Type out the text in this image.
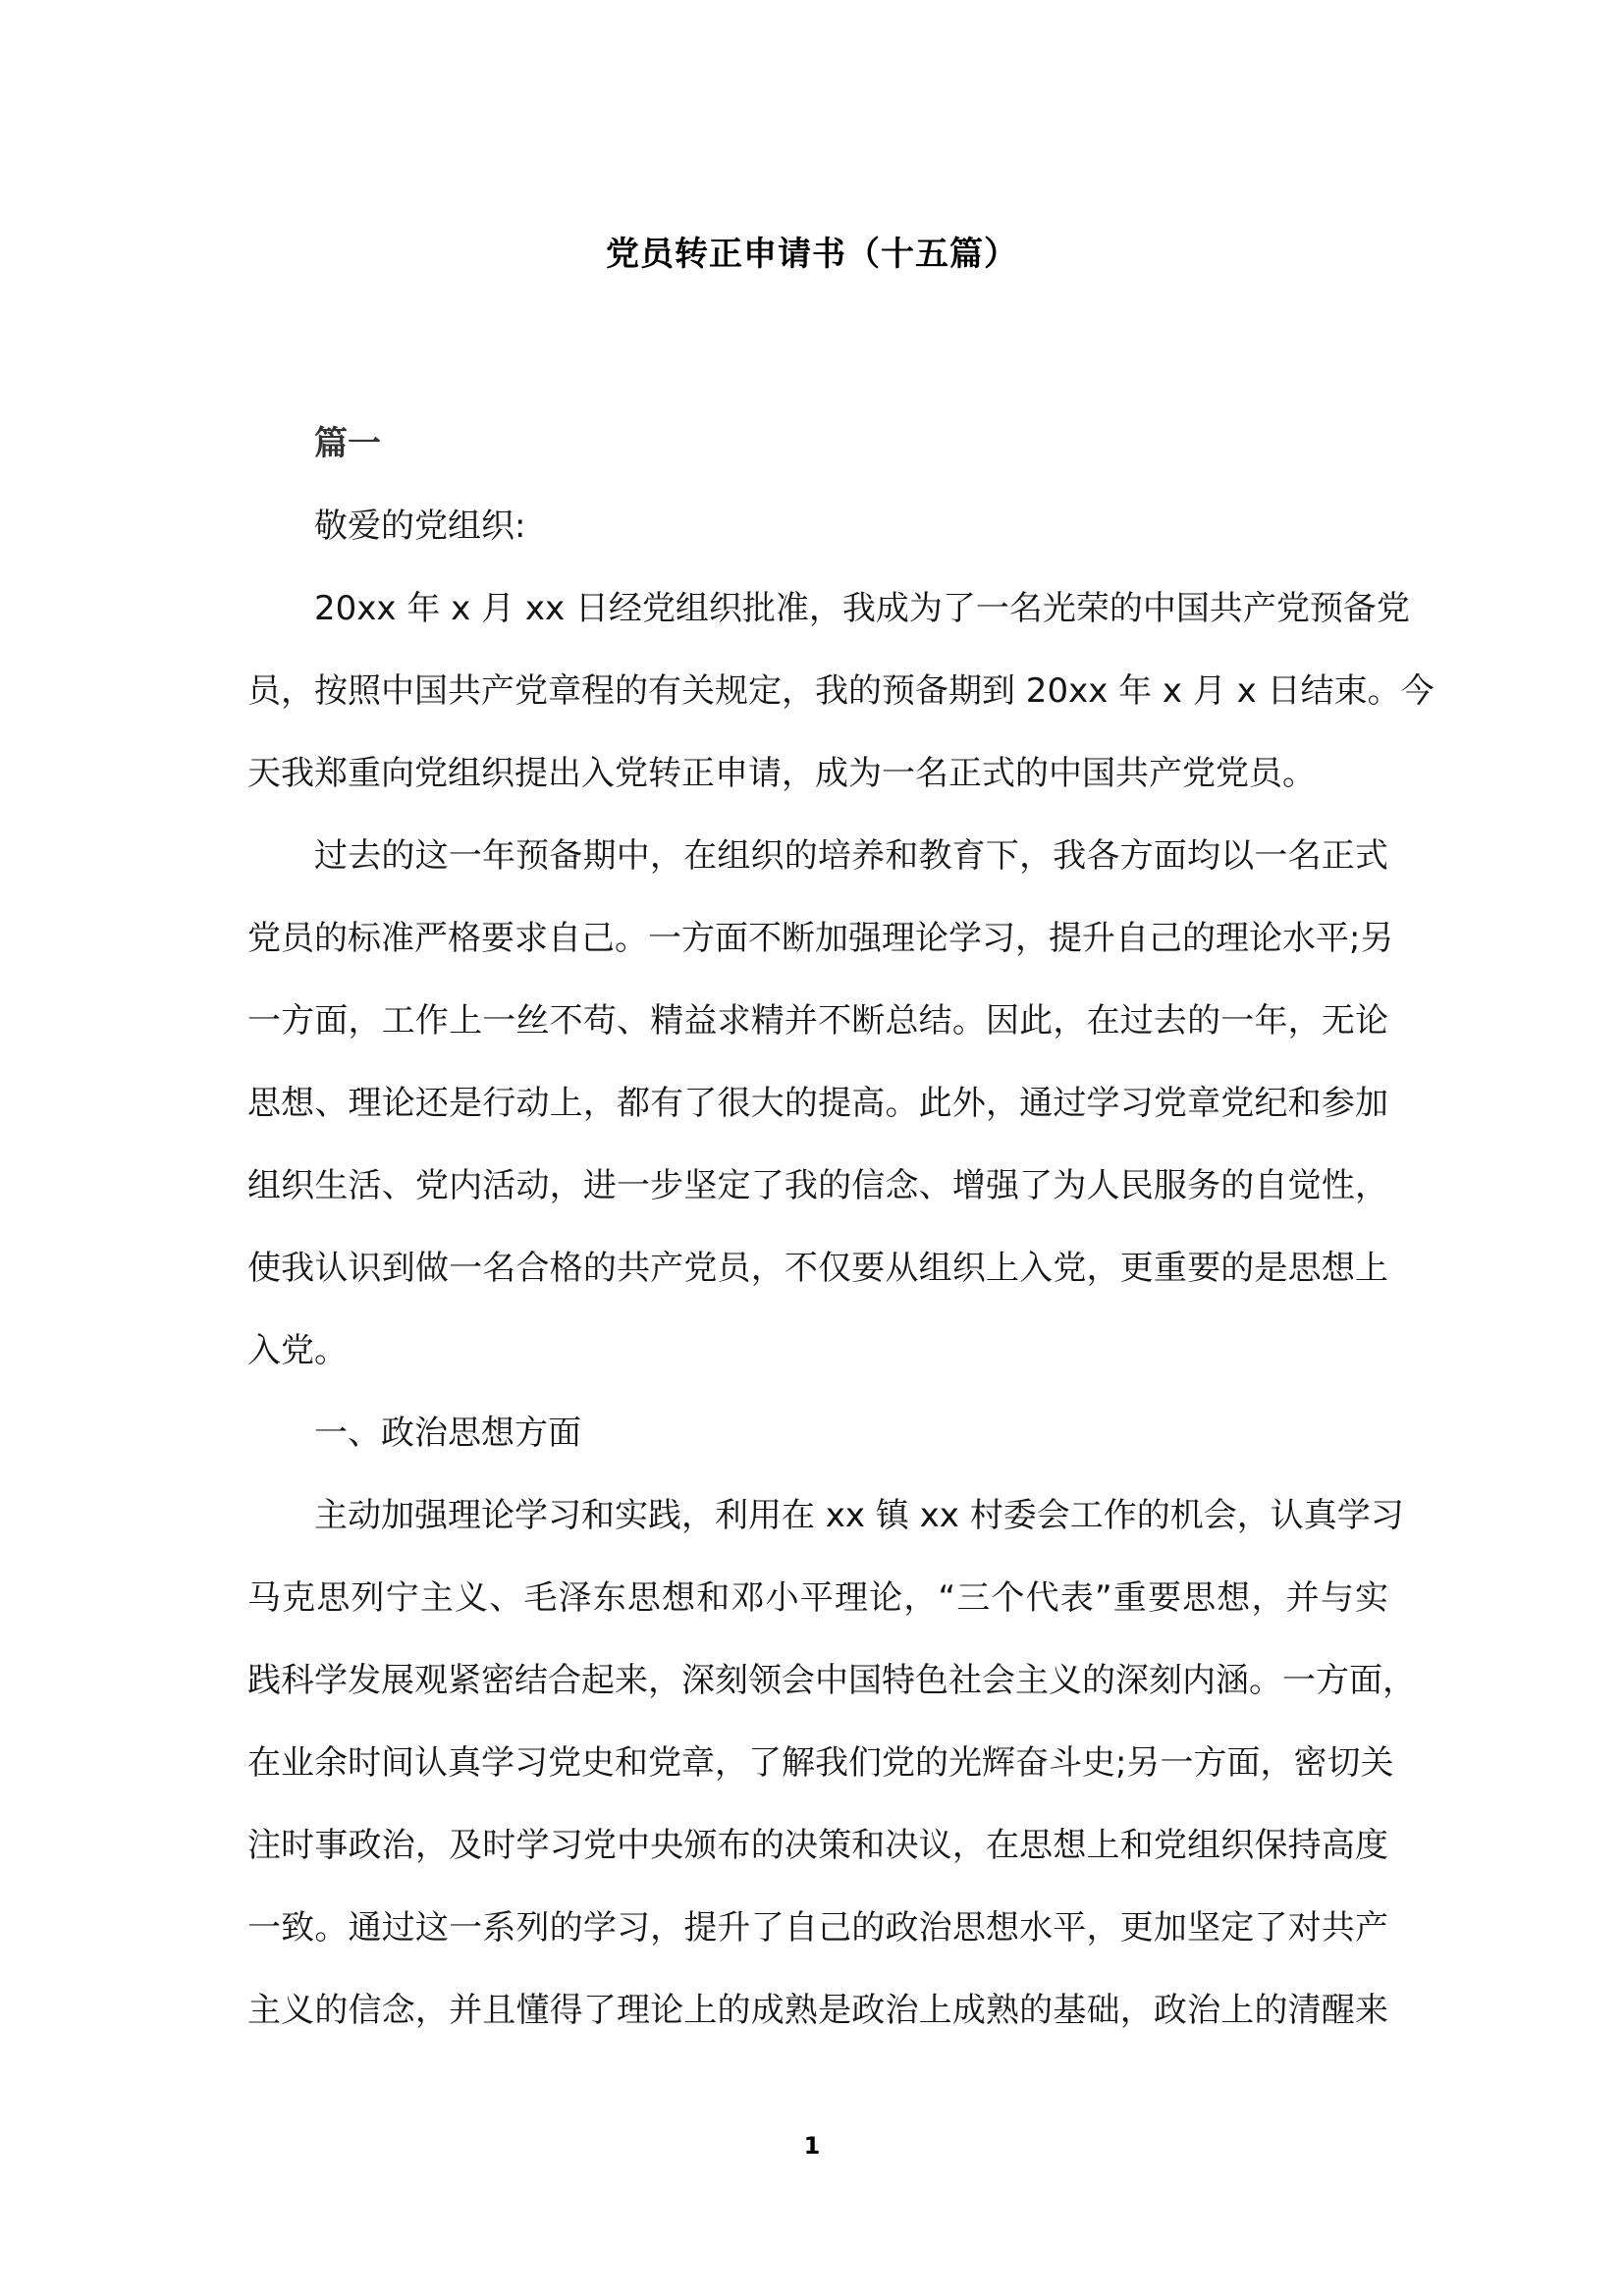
党员转正申请书（十五篇）
篇一
敬爱的党组织:
20xx 年 x 月 xx 日经党组织批准，我成为了一名光荣的中国共产党预备党
员，按照中国共产党章程的有关规定，我的预备期到 20xx 年 x 月 x 日结束。今
天我郑重向党组织提出入党转正申请，成为一名正式的中国共产党党员。
过去的这一年预备期中，在组织的培养和教育下，我各方面均以一名正式
党员的标准严格要求自己。一方面不断加强理论学习，提升自己的理论水平;另
一方面，工作上一丝不苟、精益求精并不断总结。因此，在过去的一年，无论
思想、理论还是行动上，都有了很大的提高。此外，通过学习党章党纪和参加
组织生活、党内活动，进一步坚定了我的信念、增强了为人民服务的自觉性，
使我认识到做一名合格的共产党员，不仅要从组织上入党，更重要的是思想上
入党。
一、政治思想方面
主动加强理论学习和实践，利用在 xx 镇 xx 村委会工作的机会，认真学习
马克思列宁主义、毛泽东思想和邓小平理论，“三个代表”重要思想，并与实
践科学发展观紧密结合起来，深刻领会中国特色社会主义的深刻内涵。一方面，
在业余时间认真学习党史和党章，了解我们党的光辉奋斗史;另一方面，密切关
注时事政治，及时学习党中央颁布的决策和决议，在思想上和党组织保持高度
一致。通过这一系列的学习，提升了自己的政治思想水平，更加坚定了对共产
主义的信念，并且懂得了理论上的成熟是政治上成熟的基础，政治上的清醒来
1
